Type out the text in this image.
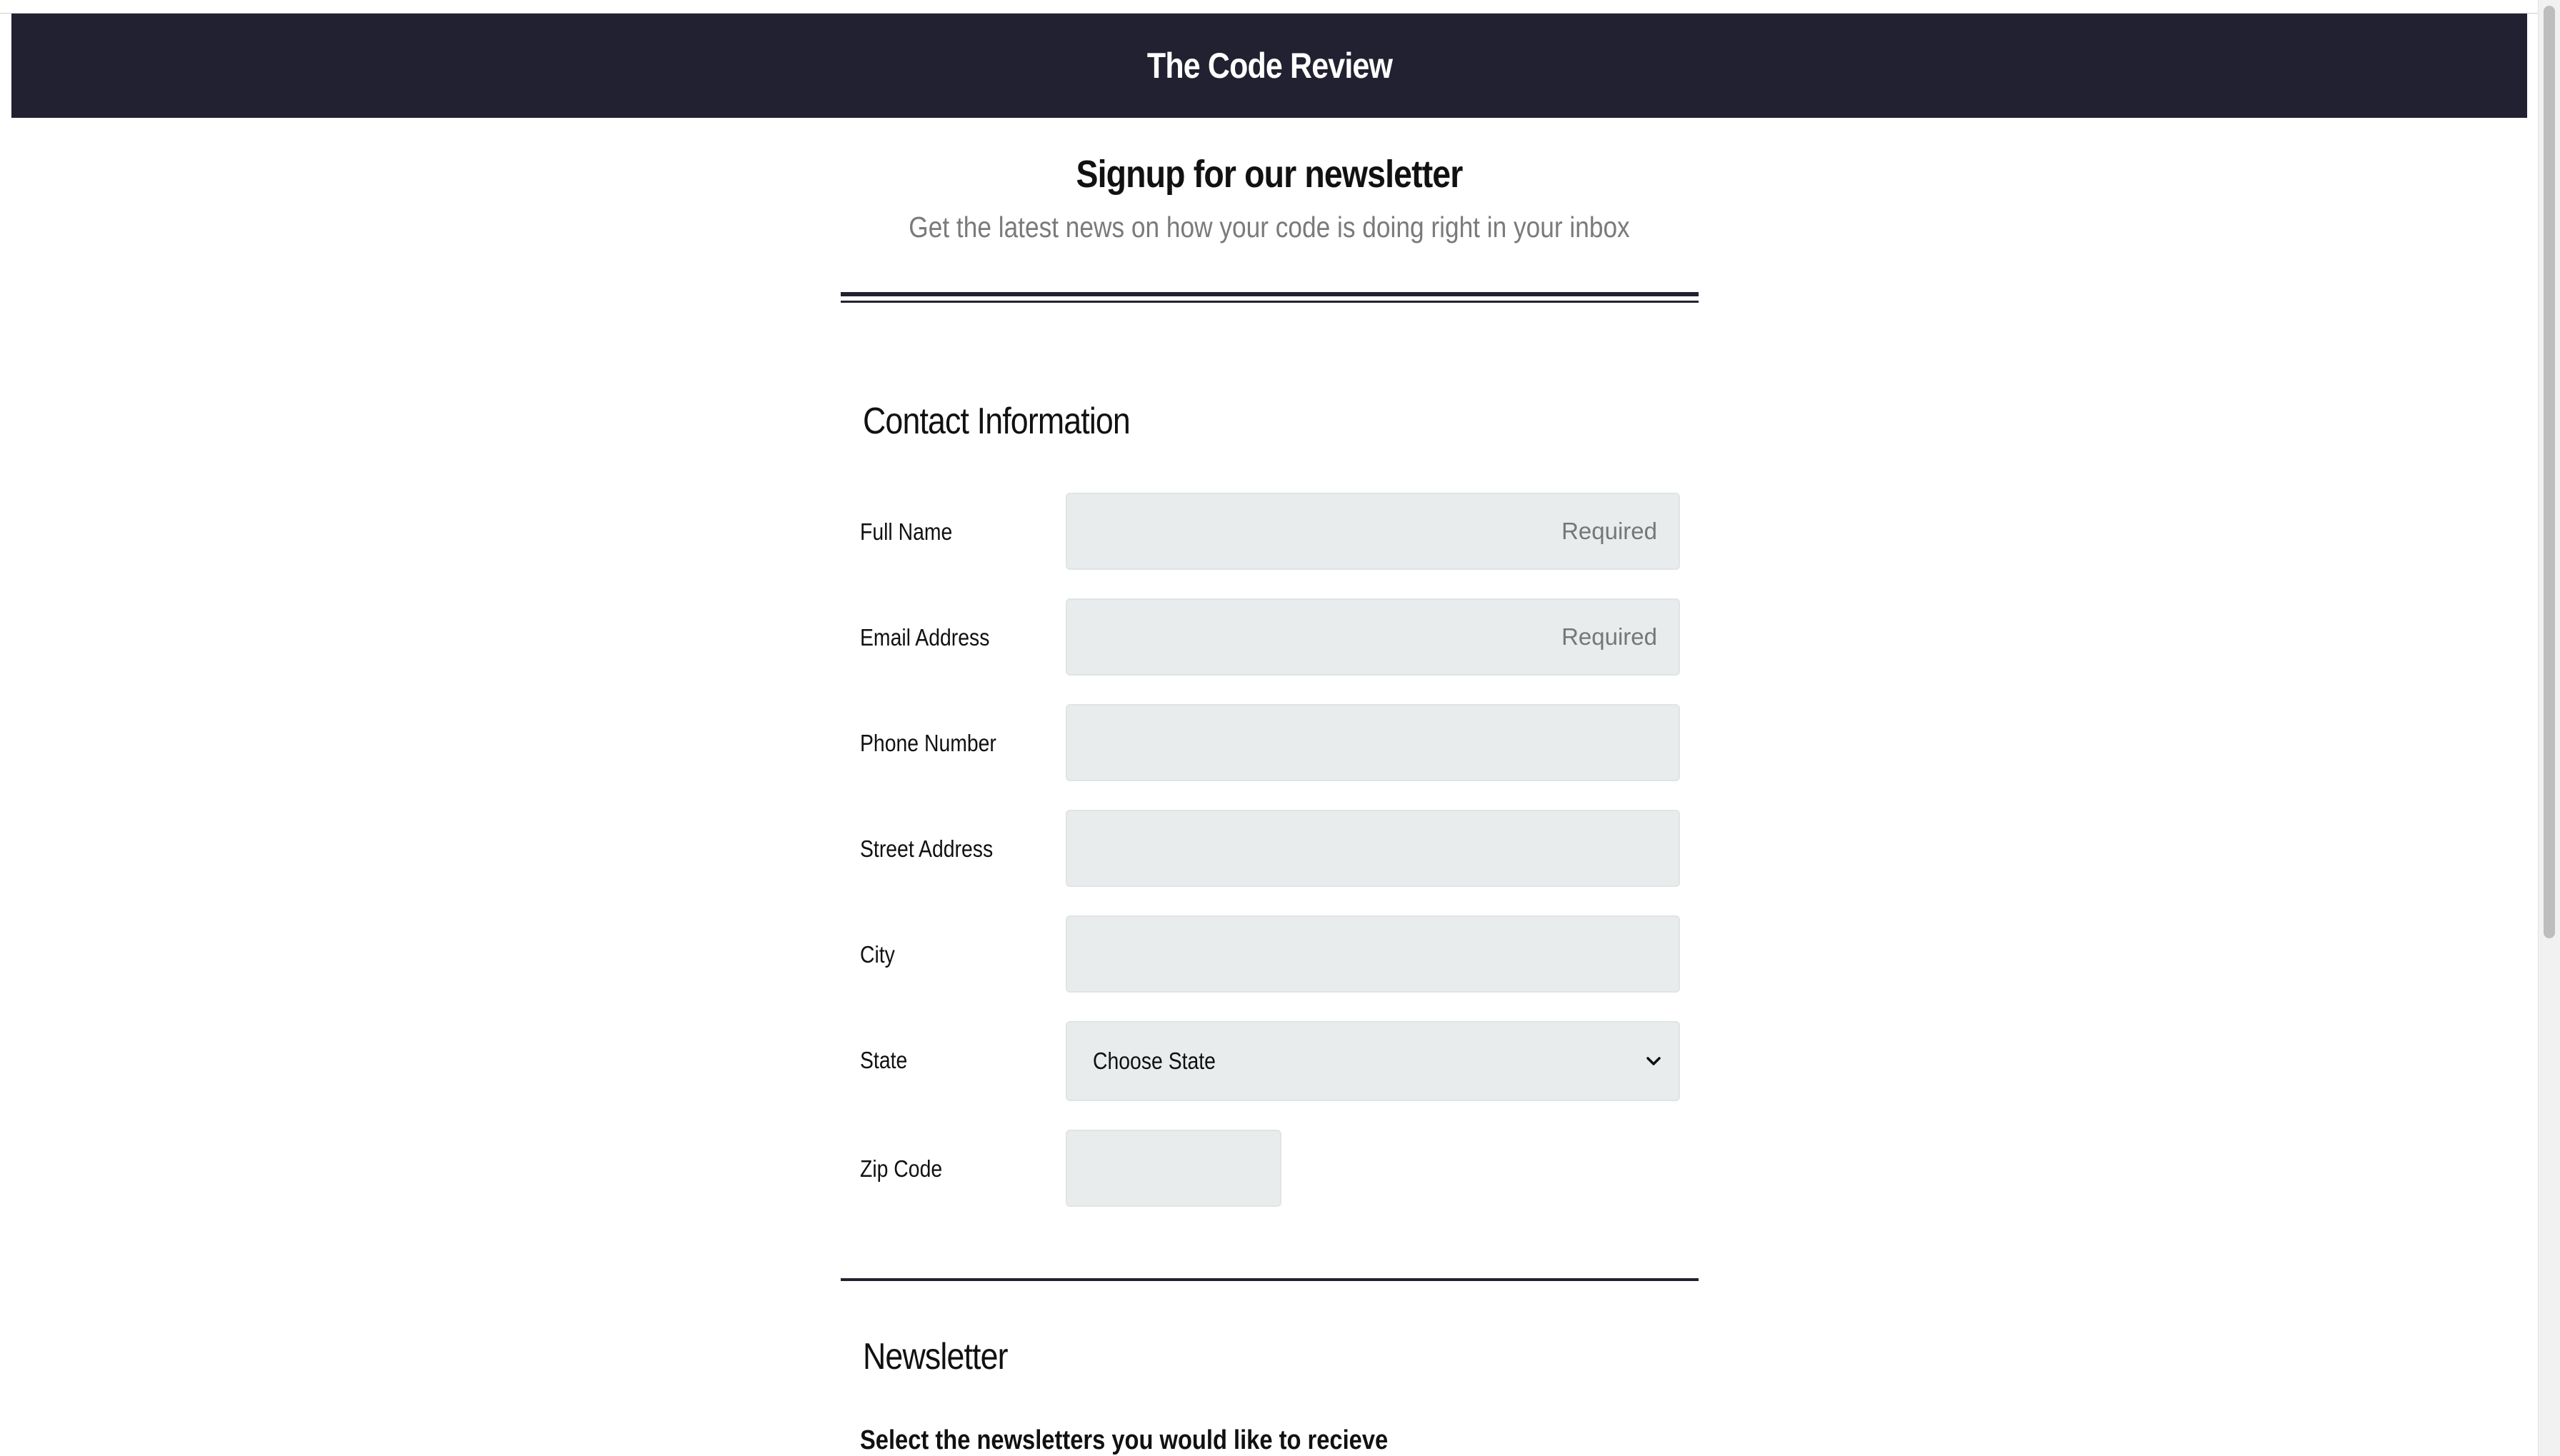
The Code Review
Signup for our newsletter

Get the latest news on how your code is doing right in your inbox

Contact Information
Full Name
Required
Email Address
Required
Phone Number
Street Address
City
State	Choose State
Zip Code
Newsletter

Select the newsletters you would like to recieve
